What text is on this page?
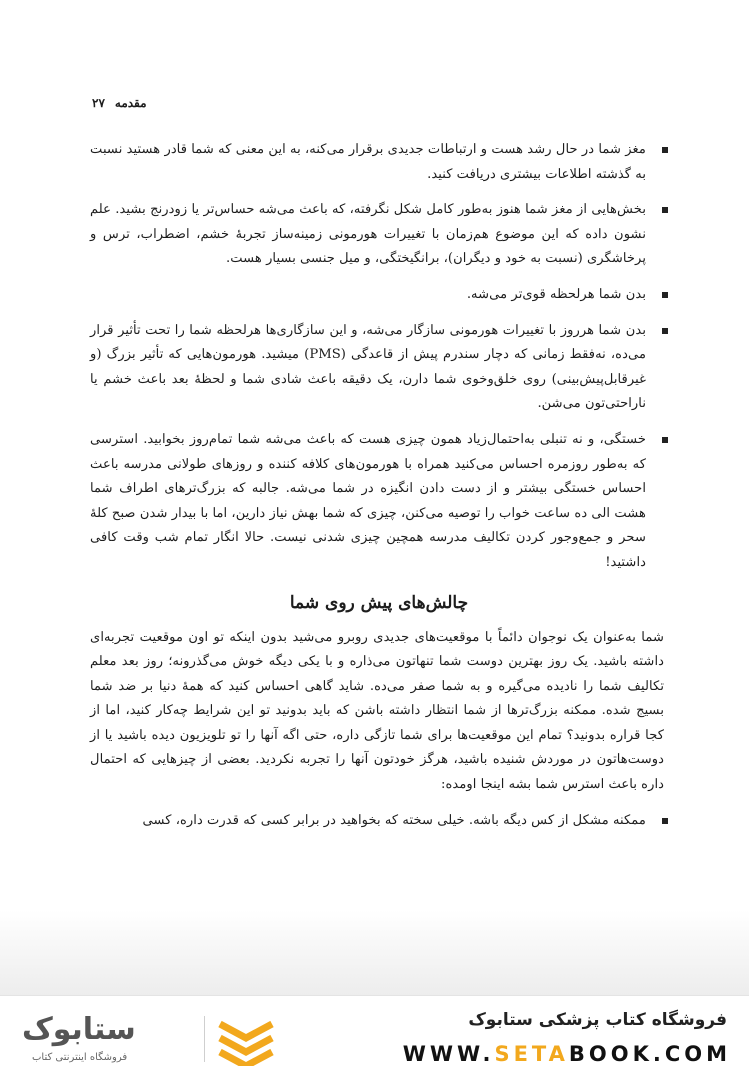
مقدمه
۲۷
مغز شما در حال رشد هست و ارتباطات جدیدی برقرار می‌کنه، به این معنی که شما قادر هستید نسبت به گذشته اطلاعات بیشتری دریافت کنید.
بخش‌هایی از مغز شما هنوز به‌طور کامل شکل نگرفته، که باعث می‌شه حساس‌تر یا زودرنج بشید. علم نشون داده که این موضوع هم‌زمان با تغییرات هورمونی زمینه‌ساز تجربهٔ خشم، اضطراب، ترس و پرخاشگری (نسبت به خود و دیگران)، برانگیختگی، و میل جنسی بسیار هست.
بدن شما هرلحظه قوی‌تر می‌شه.
بدن شما هرروز با تغییرات هورمونی سازگار می‌شه، و این سازگاری‌ها هرلحظه شما را تحت تأثیر قرار می‌ده، نه‌فقط زمانی که دچار سندرم پیش از قاعدگی (PMS) میشید. هورمون‌هایی که تأثیر بزرگ (و غیرقابل‌پیش‌بینی) روی خلق‌وخوی شما دارن، یک دقیقه باعث شادی شما و لحظهٔ بعد باعث خشم یا ناراحتی‌تون می‌شن.
خستگی، و نه تنبلی به‌احتمال‌زیاد همون چیزی هست که باعث می‌شه شما تمام‌روز بخوابید. استرسی که به‌طور روزمره احساس می‌کنید همراه با هورمون‌های کلافه کننده و روزهای طولانی مدرسه باعث احساس خستگی بیشتر و از دست دادن انگیزه در شما می‌شه. جالبه که بزرگ‌ترهای اطراف شما هشت الی ده ساعت خواب را توصیه می‌کنن، چیزی که شما بهش نیاز دارین، اما با بیدار شدن صبح کلهٔ سحر و جمع‌وجور کردن تکالیف مدرسه همچین چیزی شدنی نیست. حالا انگار تمام شب وقت کافی داشتید!
چالش‌های پیش روی شما

شما به‌عنوان یک نوجوان دائماً با موقعیت‌های جدیدی روبرو می‌شید بدون اینکه تو اون موقعیت تجربه‌ای داشته باشید. یک روز بهترین دوست شما تنهاتون می‌ذاره و با یکی دیگه خوش می‌گذرونه؛ روز بعد معلم تکالیف شما را نادیده می‌گیره و به شما صفر می‌ده. شاید گاهی احساس کنید که همهٔ دنیا بر ضد شما بسیج شده. ممکنه بزرگ‌ترها از شما انتظار داشته باشن که باید بدونید تو این شرایط چه‌کار کنید، اما از کجا قراره بدونید؟ تمام این موقعیت‌ها برای شما تازگی داره، حتی اگه آنها را تو تلویزیون دیده باشید یا از دوست‌هاتون در موردش شنیده باشید، هرگز خودتون آنها را تجربه نکردید. بعضی از چیزهایی که احتمال داره باعث استرس شما بشه اینجا اومده:

ممکنه مشکل از کس دیگه باشه. خیلی سخته که بخواهید در برابر کسی که قدرت داره، کسی
ستابوک
فروشگاه اینترنتی کتاب
فروشگاه کتاب پزشکی ستابوک
WWW.SETABOOK.COM
